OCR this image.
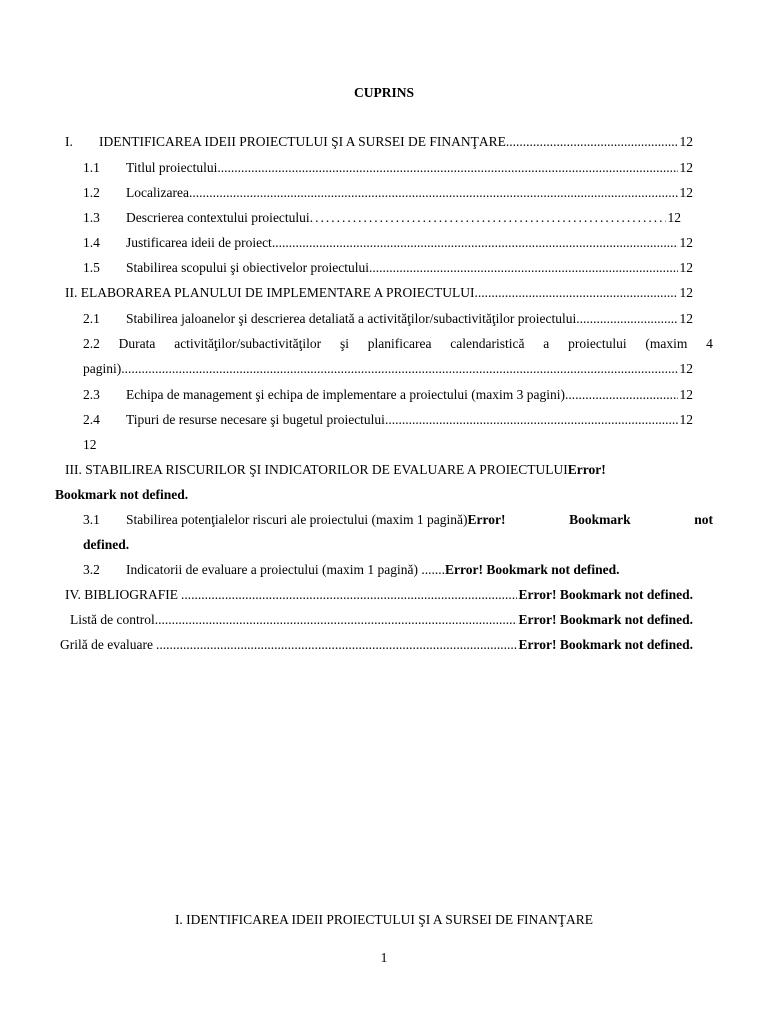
CUPRINS
I.	IDENTIFICAREA IDEII PROIECTULUI ŞI A SURSEI DE FINANŢARE .....	12
1.1	Titlul proiectului .....	12
1.2	Localizarea .....	12
1.3	Descrierea contextului proiectului .....	12
1.4	Justificarea ideii de proiect .....	12
1.5	Stabilirea scopului şi obiectivelor proiectului .....	12
II. ELABORAREA PLANULUI DE IMPLEMENTARE A PROIECTULUI .....	12
2.1	Stabilirea jaloanelor şi descrierea detaliată a activităţilor/subactivităţilor proiectului .....	12
2.2 Durata activităţilor/subactivităţilor şi planificarea calendaristică a proiectului (maxim 4
pagini) .....	12
2.3	Echipa de management şi echipa de implementare a proiectului (maxim 3 pagini) .....	12
2.4	Tipuri de resurse necesare şi bugetul proiectului .....	12
12
III. STABILIREA RISCURILOR ŞI INDICATORILOR DE EVALUARE A PROIECTULUIError!
Bookmark not defined.
3.1 Stabilirea potenţialelor riscuri ale proiectului (maxim 1 pagină)Error!	Bookmark	not
defined.
3.2 Indicatorii de evaluare a proiectului (maxim 1 pagină) .......Error! Bookmark not defined.
IV. BIBLIOGRAFIE .....	Error! Bookmark not defined.
Listă de control .....	Error! Bookmark not defined.
Grilă de evaluare .....	Error! Bookmark not defined.
I. IDENTIFICAREA IDEII PROIECTULUI ŞI A SURSEI DE FINANŢARE
1
